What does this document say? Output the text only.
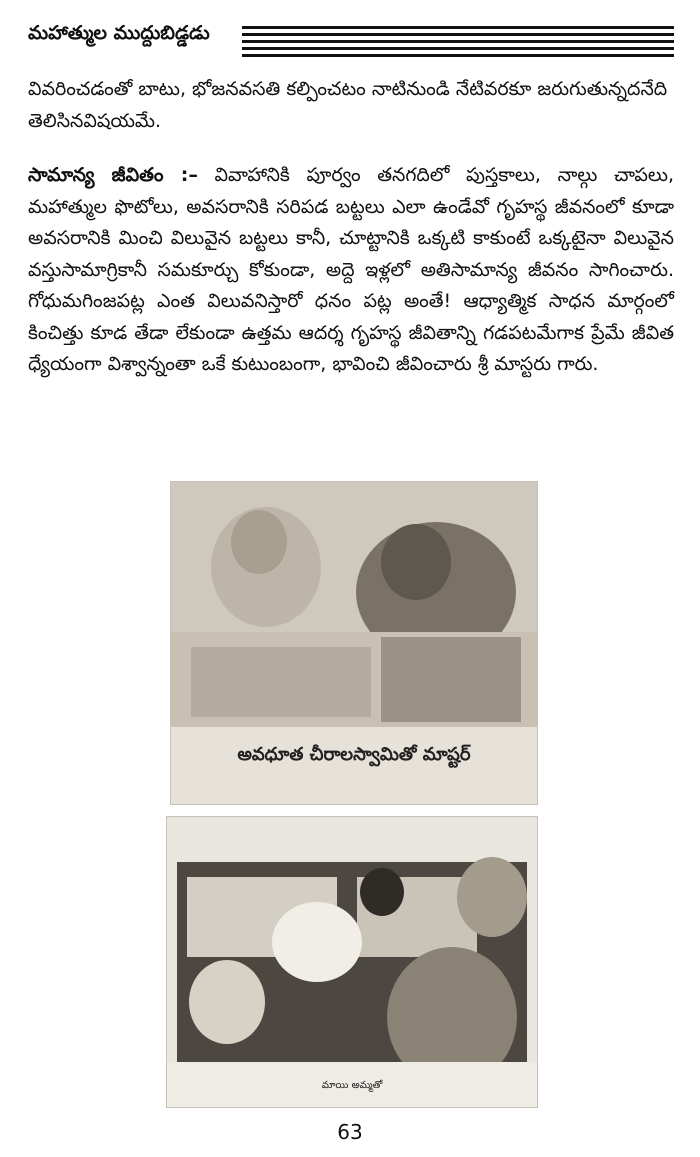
మహాత్ముల ముద్దుబిడ్డడు
వివరించడంతో బాటు, భోజనవసతి కల్పించటం నాటినుండి నేటివరకూ జరుగుతున్నదనేది తెలిసినవిషయమే.
సామాన్య జీవితం :– వివాహానికి పూర్వం తనగదిలో పుస్తకాలు, నాల్గు చాపలు, మహాత్ముల ఫొటోలు, అవసరానికి సరిపడ బట్టలు ఎలా ఉండేవో గృహస్థ జీవనంలో కూడా అవసరానికి మించి విలువైన బట్టలు కానీ, చూట్టానికి ఒక్కటి కాకుంటే ఒక్కటైనా విలువైన వస్తుసామాగ్రికానీ సమకూర్చు కోకుండా, అద్దె ఇళ్లలో అతిసామాన్య జీవనం సాగించారు. గోధుమగింజపట్ల ఎంత విలువనిస్తారో ధనం పట్ల అంతే! ఆధ్యాత్మిక సాధన మార్గంలో కించిత్తు కూడ తేడా లేకుండా ఉత్తమ ఆదర్శ గృహస్థ జీవితాన్ని గడపటమేగాక ప్రేమే జీవిత ధ్యేయంగా విశ్వాన్నంతా ఒకే కుటుంబంగా, భావించి జీవించారు శ్రీ మాస్టరు గారు.
అవధూత చీరాలస్వామితో మాష్టర్
మాయి అమ్మతో
63
